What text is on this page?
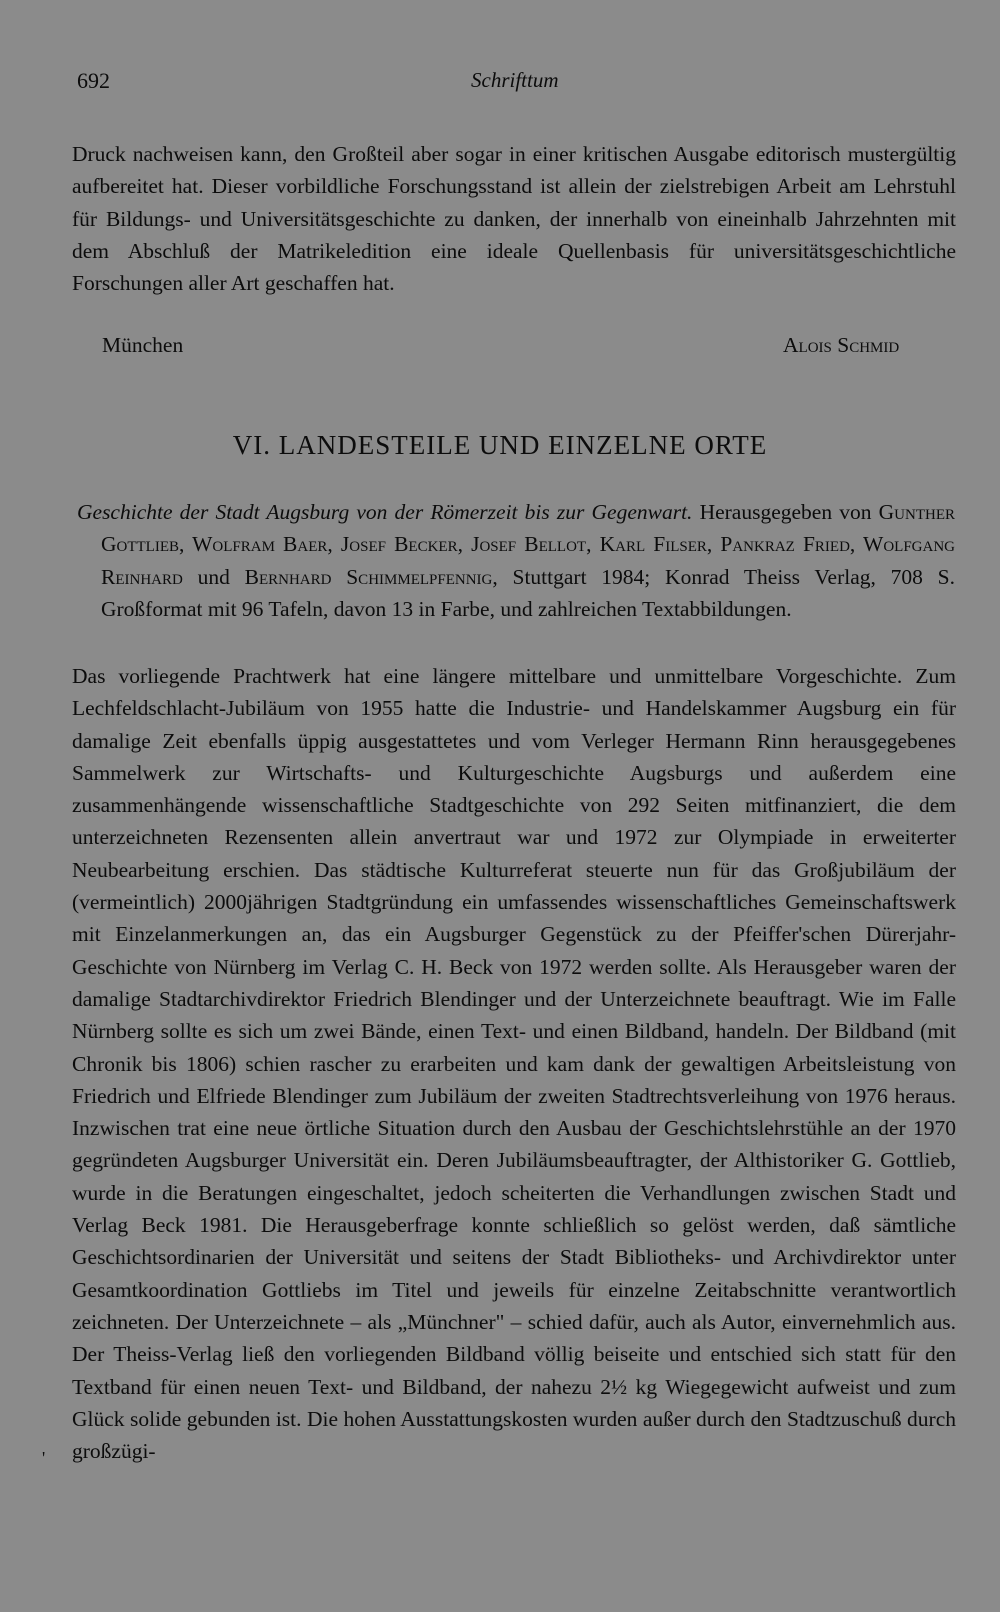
692	Schrifttum
Druck nachweisen kann, den Großteil aber sogar in einer kritischen Ausgabe editorisch mustergültig aufbereitet hat. Dieser vorbildliche Forschungsstand ist allein der zielstrebigen Arbeit am Lehrstuhl für Bildungs- und Universitätsgeschichte zu danken, der innerhalb von eineinhalb Jahrzehnten mit dem Abschluß der Matrikeledition eine ideale Quellenbasis für universitätsgeschichtliche Forschungen aller Art geschaffen hat.
München	Alois Schmid
VI. LANDESTEILE UND EINZELNE ORTE
Geschichte der Stadt Augsburg von der Römerzeit bis zur Gegenwart. Herausgegeben von Gunther Gottlieb, Wolfram Baer, Josef Becker, Josef Bellot, Karl Filser, Pankraz Fried, Wolfgang Reinhard und Bernhard Schimmelpfennig, Stuttgart 1984; Konrad Theiss Verlag, 708 S. Großformat mit 96 Tafeln, davon 13 in Farbe, und zahlreichen Textabbildungen.
Das vorliegende Prachtwerk hat eine längere mittelbare und unmittelbare Vorgeschichte. Zum Lechfeldschlacht-Jubiläum von 1955 hatte die Industrie- und Handelskammer Augsburg ein für damalige Zeit ebenfalls üppig ausgestattetes und vom Verleger Hermann Rinn herausgegebenes Sammelwerk zur Wirtschafts- und Kulturgeschichte Augsburgs und außerdem eine zusammenhängende wissenschaftliche Stadtgeschichte von 292 Seiten mitfinanziert, die dem unterzeichneten Rezensenten allein anvertraut war und 1972 zur Olympiade in erweiterter Neubearbeitung erschien. Das städtische Kulturreferat steuerte nun für das Großjubiläum der (vermeintlich) 2000jährigen Stadtgründung ein umfassendes wissenschaftliches Gemeinschaftswerk mit Einzelanmerkungen an, das ein Augsburger Gegenstück zu der Pfeiffer'schen Dürerjahr-Geschichte von Nürnberg im Verlag C. H. Beck von 1972 werden sollte. Als Herausgeber waren der damalige Stadtarchivdirektor Friedrich Blendinger und der Unterzeichnete beauftragt. Wie im Falle Nürnberg sollte es sich um zwei Bände, einen Text- und einen Bildband, handeln. Der Bildband (mit Chronik bis 1806) schien rascher zu erarbeiten und kam dank der gewaltigen Arbeitsleistung von Friedrich und Elfriede Blendinger zum Jubiläum der zweiten Stadtrechtsverleihung von 1976 heraus. Inzwischen trat eine neue örtliche Situation durch den Ausbau der Geschichtslehrstühle an der 1970 gegründeten Augsburger Universität ein. Deren Jubiläumsbeauftragter, der Althistoriker G. Gottlieb, wurde in die Beratungen eingeschaltet, jedoch scheiterten die Verhandlungen zwischen Stadt und Verlag Beck 1981. Die Herausgeberfrage konnte schließlich so gelöst werden, daß sämtliche Geschichtsordinarien der Universität und seitens der Stadt Bibliotheks- und Archivdirektor unter Gesamtkoordination Gottliebs im Titel und jeweils für einzelne Zeitabschnitte verantwortlich zeichneten. Der Unterzeichnete – als „Münchner" – schied dafür, auch als Autor, einvernehmlich aus. Der Theiss-Verlag ließ den vorliegenden Bildband völlig beiseite und entschied sich statt für den Textband für einen neuen Text- und Bildband, der nahezu 2½ kg Wiegegewicht aufweist und zum Glück solide gebunden ist. Die hohen Ausstattungskosten wurden außer durch den Stadtzuschuß durch großzügi-
'
